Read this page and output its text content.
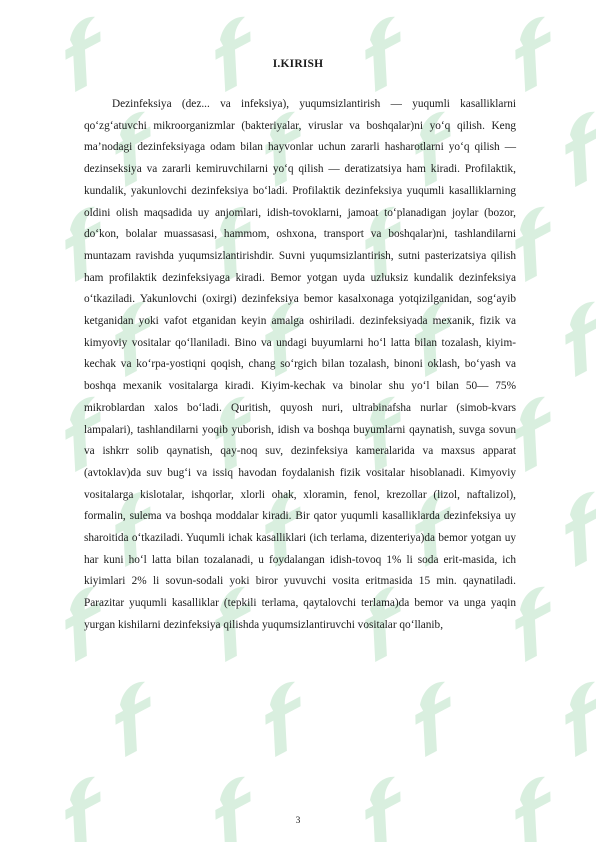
I.KIRISH

Dezinfeksiya (dez... va infeksiya), yuqumsizlantirish — yuqumli kasalliklarni qo‘zg‘atuvchi mikroorganizmlar (bakteriyalar, viruslar va boshqalar)ni yo‘q qilish. Keng ma’nodagi dezinfeksiyaga odam bilan hayvonlar uchun zararli hasharotlarni yo‘q qilish — dezinseksiya va zararli kemiruvchilarni yo‘q qilish — deratizatsiya ham kiradi. Profilaktik, kundalik, yakunlovchi dezinfeksiya bo‘ladi. Profilaktik dezinfeksiya yuqumli kasalliklarning oldini olish maqsadida uy anjomlari, idish-tovoklarni, jamoat to‘planadigan joylar (bozor, do‘kon, bolalar muassasasi, hammom, oshxona, transport va boshqalar)ni, tashlandilarni muntazam ravishda yuqumsizlantirishdir. Suvni yuqumsizlantirish, sutni pasterizatsiya qilish ham profilaktik dezinfeksiyaga kiradi. Bemor yotgan uyda uzluksiz kundalik dezinfeksiya o‘tkaziladi. Yakunlovchi (oxirgi) dezinfeksiya bemor kasalxonaga yotqizilganidan, sog‘ayib ketganidan yoki vafot etganidan keyin amalga oshiriladi. dezinfeksiyada mexanik, fizik va kimyoviy vositalar qo‘llaniladi. Bino va undagi buyumlarni ho‘l latta bilan tozalash, kiyim-kechak va ko‘rpa-yostiqni qoqish, chang so‘rgich bilan tozalash, binoni oklash, bo‘yash va boshqa mexanik vositalarga kiradi. Kiyim-kechak va binolar shu yo‘l bilan 50— 75% mikroblardan xalos bo‘ladi. Quritish, quyosh nuri, ultrabinafsha nurlar (simob-kvars lampalari), tashlandilarni yoqib yuborish, idish va boshqa buyumlarni qaynatish, suvga sovun va ishkrr solib qaynatish, qay-noq suv, dezinfeksiya kameralarida va maxsus apparat (avtoklav)da suv bug‘i va issiq havodan foydalanish fizik vositalar hisoblanadi. Kimyoviy vositalarga kislotalar, ishqorlar, xlorli ohak, xloramin, fenol, krezollar (lizol, naftalizol), formalin, sulema va boshqa moddalar kiradi. Bir qator yuqumli kasalliklarda dezinfeksiya uy sharoitida o‘tkaziladi. Yuqumli ichak kasalliklari (ich terlama, dizenteriya)da bemor yotgan uy har kuni ho‘l latta bilan tozalanadi, u foydalangan idish-tovoq 1% li soda erit-masida, ich kiyimlari 2% li sovun-sodali yoki biror yuvuvchi vosita eritmasida 15 min. qaynatiladi. Parazitar yuqumli kasalliklar (tepkili terlama, qaytalovchi terlama)da bemor va unga yaqin yurgan kishilarni dezinfeksiya qilishda yuqumsizlantiruvchi vositalar qo‘llanib,

3
